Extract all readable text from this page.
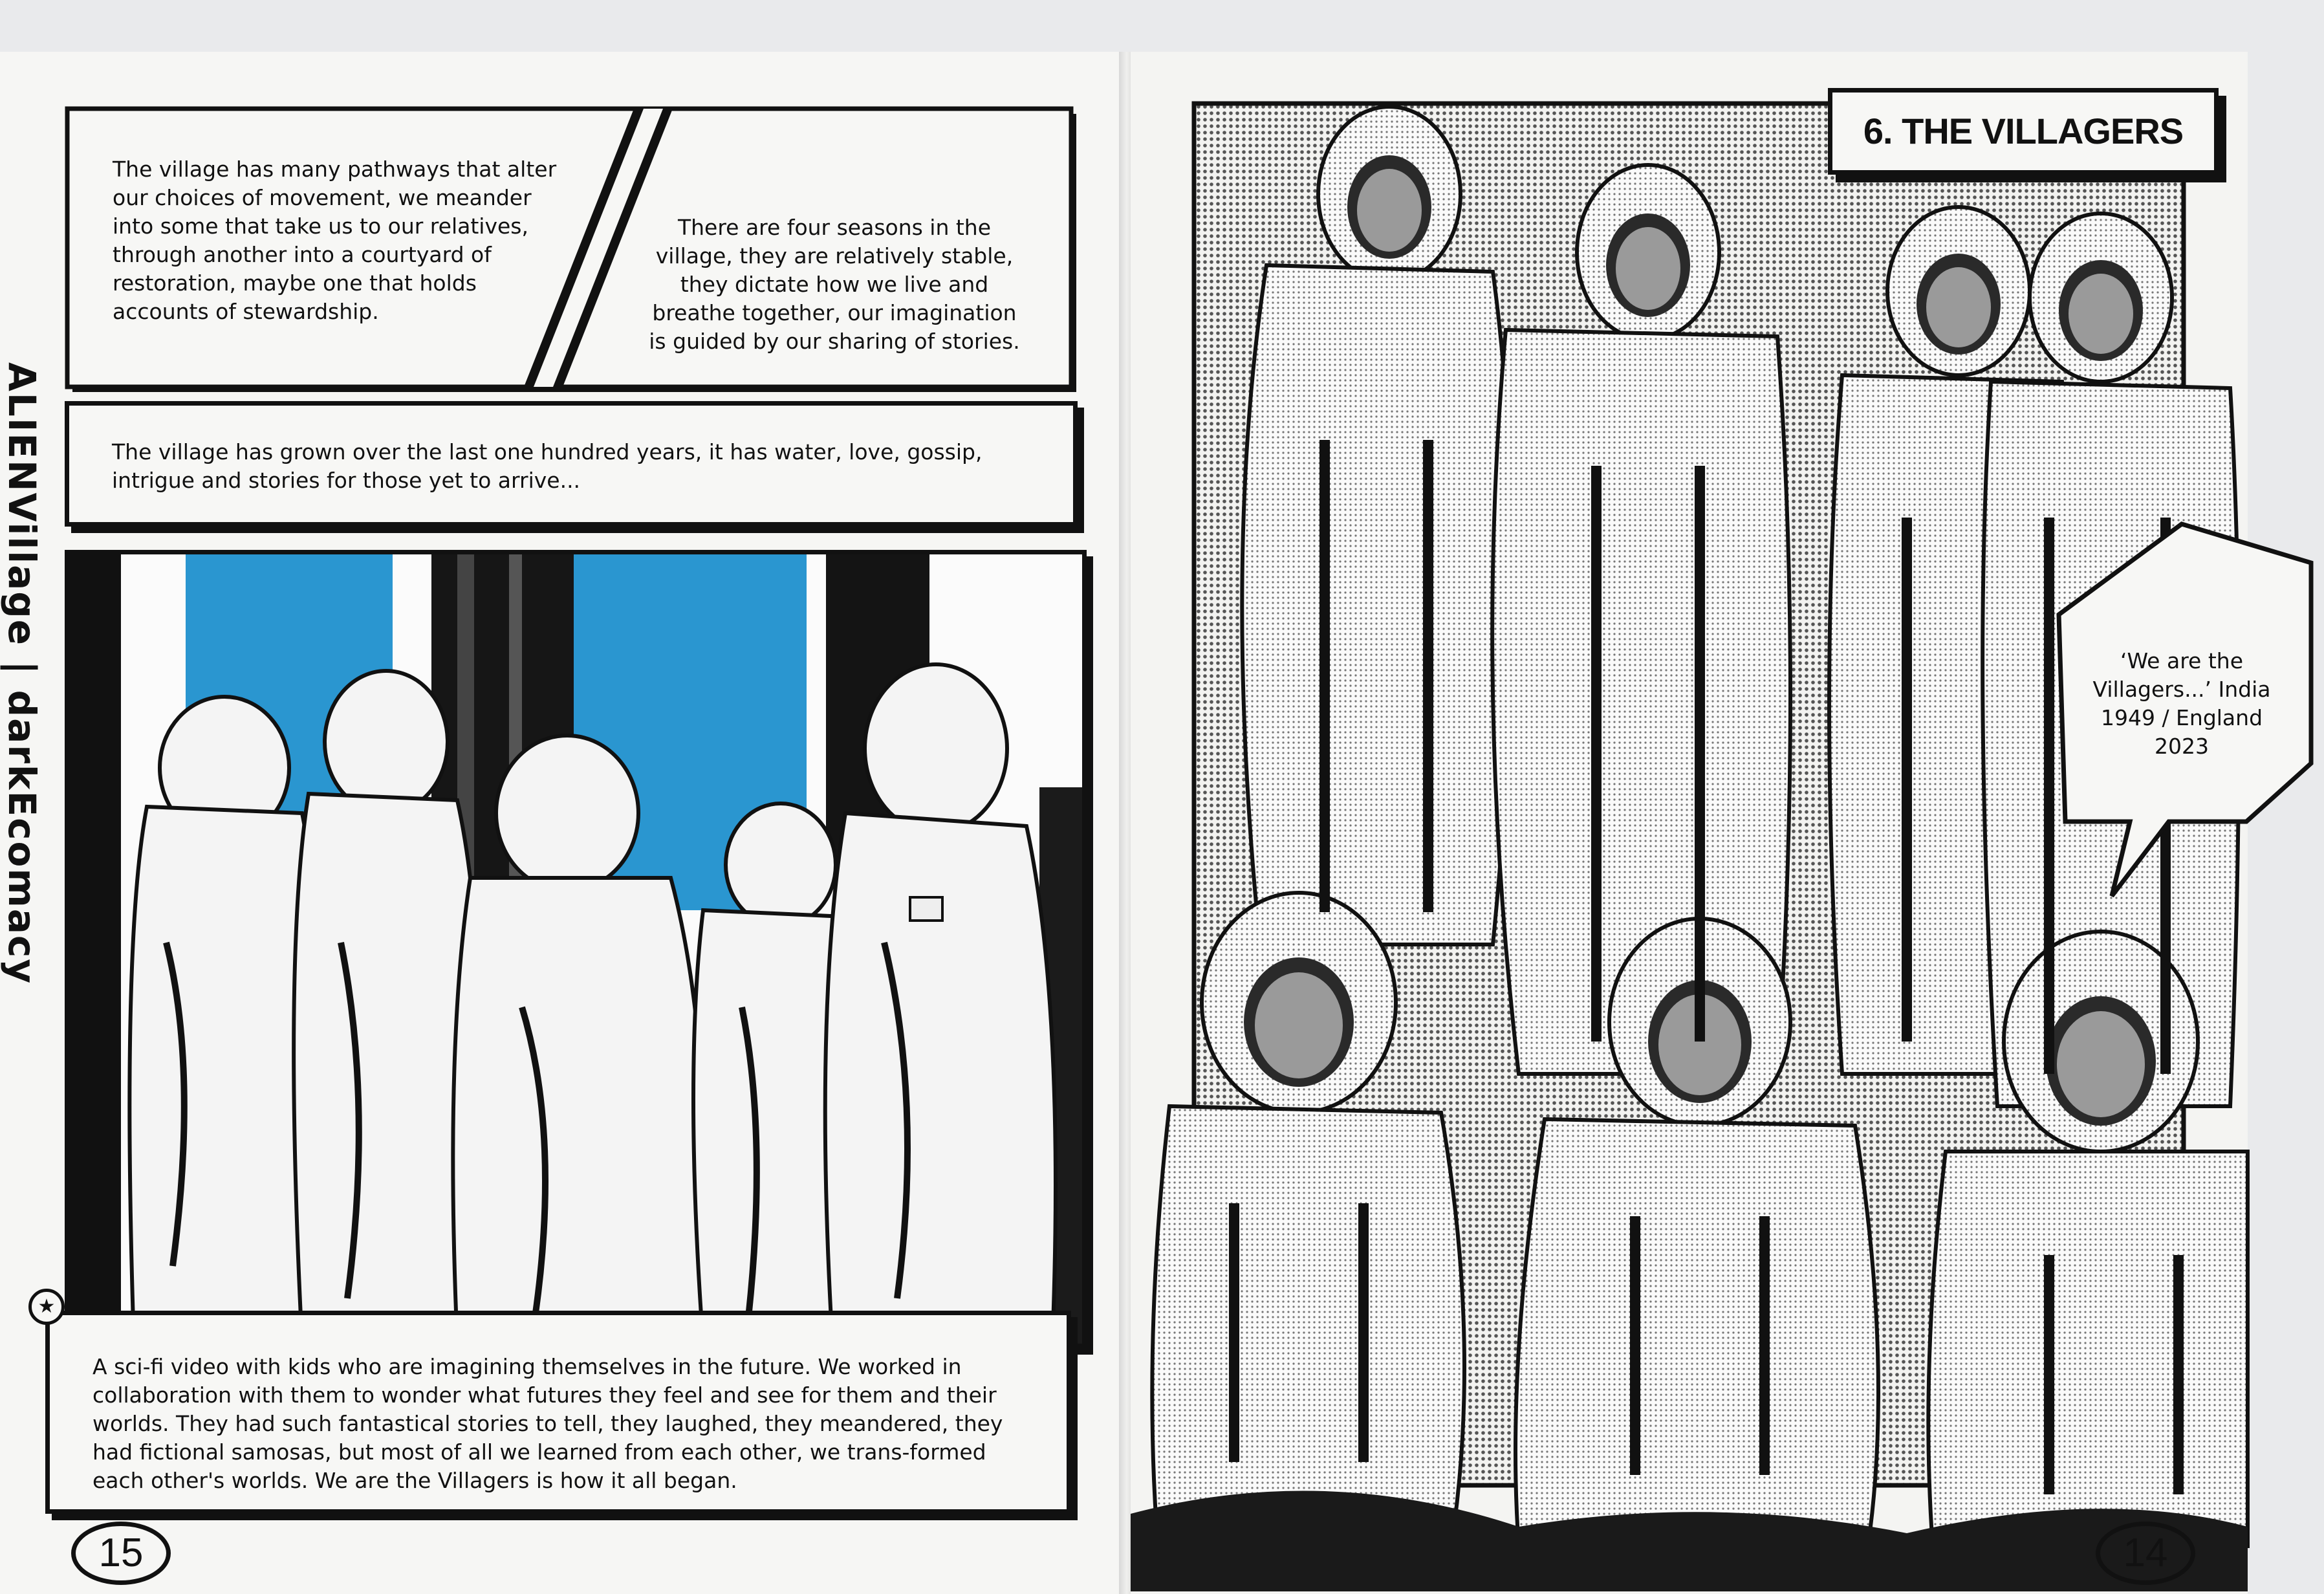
ALIENVillage | darkEcomacy

The village has many pathways that alter our choices of movement, we meander into some that take us to our relatives, through another into a courtyard of restoration, maybe one that holds accounts of stewardship.

There are four seasons in the village, they are relatively stable, they dictate how we live and breathe together, our imagination is guided by our sharing of stories.

The village has grown over the last one hundred years, it has water, love, gossip, intrigue and stories for those yet to arrive...

A sci-fi video with kids who are imagining themselves in the future. We worked in collaboration with them to wonder what futures they feel and see for them and their worlds. They had such fantastical stories to tell, they laughed, they meandered, they had fictional samosas, but most of all we learned from each other, we trans-formed each other's worlds. We are the Villagers is how it all began.

★
15
6. THE VILLAGERS
‘We are the Villagers...’ India 1949 / England 2023
14
